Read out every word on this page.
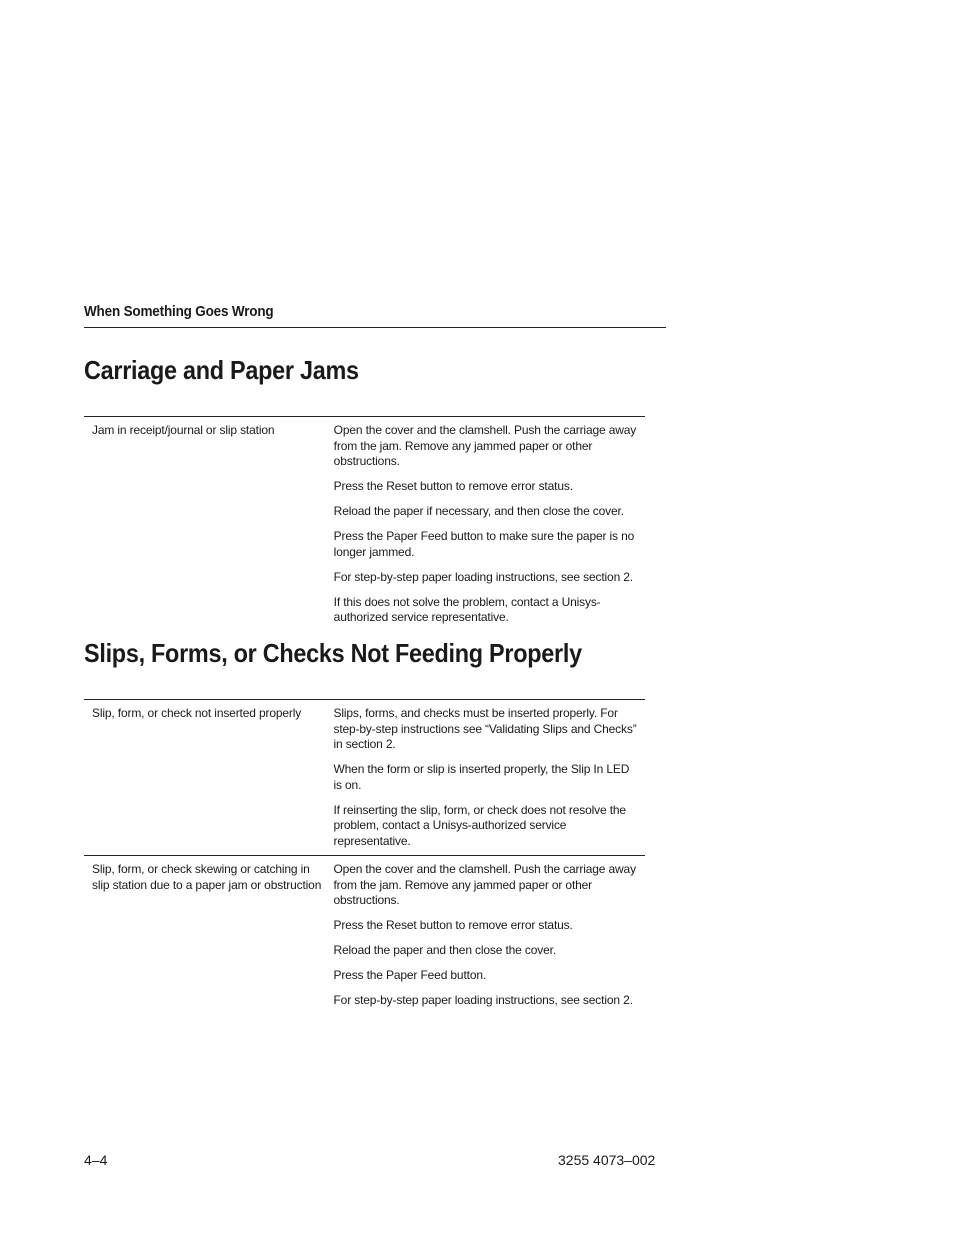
When Something Goes Wrong
Carriage and Paper Jams
Jam in receipt/journal or slip station	Open the cover and the clamshell. Push the carriage away from the jam. Remove any jammed paper or other obstructions.

Press the Reset button to remove error status.

Reload the paper if necessary, and then close the cover.

Press the Paper Feed button to make sure the paper is no longer jammed.

For step-by-step paper loading instructions, see section 2.

If this does not solve the problem, contact a Unisys-authorized service representative.

Slips, Forms, or Checks Not Feeding Properly
Slip, form, or check not inserted properly	Slips, forms, and checks must be inserted properly. For step-by-step instructions see “Validating Slips and Checks” in section 2.

When the form or slip is inserted properly, the Slip In LED is on.

If reinserting the slip, form, or check does not resolve the problem, contact a Unisys-authorized service representative.

Slip, form, or check skewing or catching in slip station due to a paper jam or obstruction	Open the cover and the clamshell. Push the carriage away from the jam. Remove any jammed paper or other obstructions.

Press the Reset button to remove error status.

Reload the paper and then close the cover.

Press the Paper Feed button.

For step-by-step paper loading instructions, see section 2.

4–4	3255 4073–002
